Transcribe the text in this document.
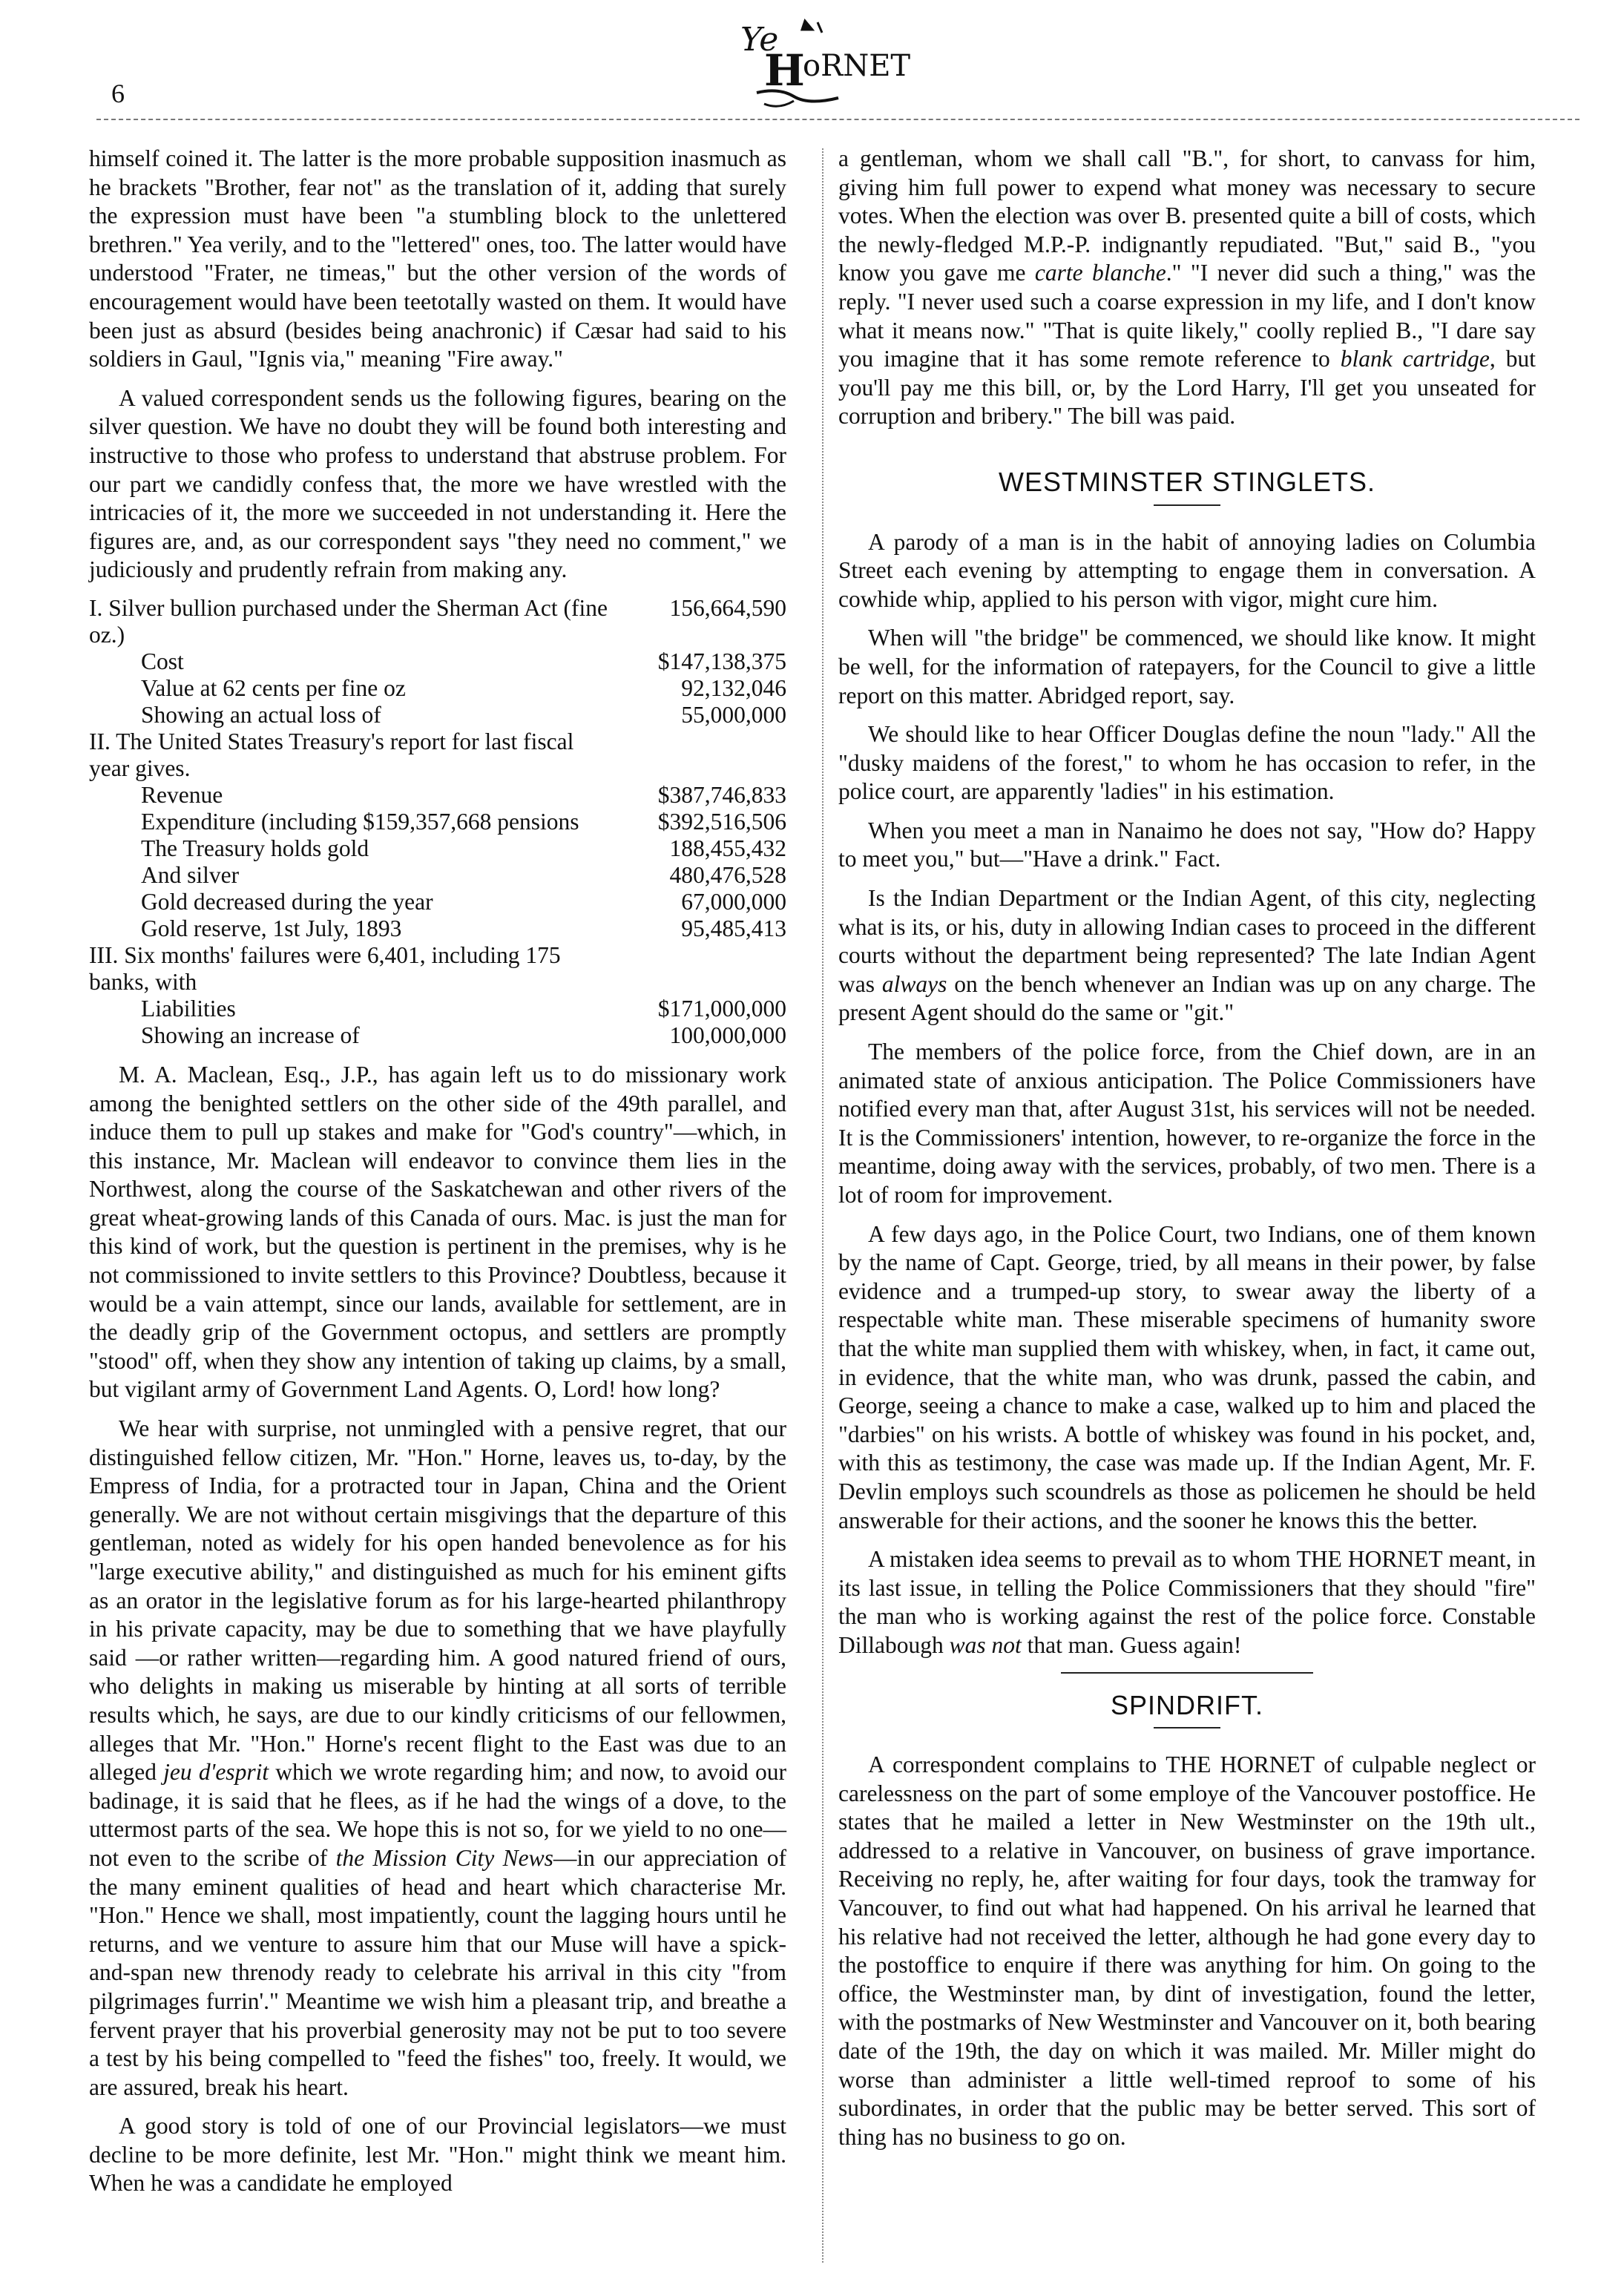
6
Ye
H
oRNET

himself coined it. The latter is the more probable supposition inasmuch as he brackets "Brother, fear not" as the translation of it, adding that surely the expression must have been "a stumbling block to the unlettered brethren." Yea verily, and to the "lettered" ones, too. The latter would have understood "Frater, ne timeas," but the other version of the words of encouragement would have been teetotally wasted on them. It would have been just as absurd (besides being anachronic) if Cæsar had said to his soldiers in Gaul, "Ignis via," meaning "Fire away."

A valued correspondent sends us the following figures, bearing on the silver question. We have no doubt they will be found both interesting and instructive to those who profess to understand that abstruse problem. For our part we candidly confess that, the more we have wrestled with the intricacies of it, the more we succeeded in not understanding it. Here the figures are, and, as our correspondent says "they need no comment," we judiciously and prudently refrain from making any.

I. Silver bullion purchased under the Sherman Act (fine oz.)	156,664,590
Cost	$147,138,375
Value at 62 cents per fine oz	92,132,046
Showing an actual loss of	55,000,000
II. The United States Treasury's report for last fiscal year gives.	
Revenue	$387,746,833
Expenditure (including $159,357,668 pensions	$392,516,506
The Treasury holds gold	188,455,432
And silver	480,476,528
Gold decreased during the year	67,000,000
Gold reserve, 1st July, 1893	95,485,413
III. Six months' failures were 6,401, including 175 banks, with	
Liabilities	$171,000,000
Showing an increase of	100,000,000

M. A. Maclean, Esq., J.P., has again left us to do missionary work among the benighted settlers on the other side of the 49th parallel, and induce them to pull up stakes and make for "God's country"—which, in this instance, Mr. Maclean will endeavor to convince them lies in the Northwest, along the course of the Saskatchewan and other rivers of the great wheat-growing lands of this Canada of ours. Mac. is just the man for this kind of work, but the question is pertinent in the premises, why is he not commissioned to invite settlers to this Province? Doubtless, because it would be a vain attempt, since our lands, available for settlement, are in the deadly grip of the Government octopus, and settlers are promptly "stood" off, when they show any intention of taking up claims, by a small, but vigilant army of Government Land Agents. O, Lord! how long?

We hear with surprise, not unmingled with a pensive regret, that our distinguished fellow citizen, Mr. "Hon." Horne, leaves us, to-day, by the Empress of India, for a protracted tour in Japan, China and the Orient generally. We are not without certain misgivings that the departure of this gentleman, noted as widely for his open handed benevolence as for his "large executive ability," and distinguished as much for his eminent gifts as an orator in the legislative forum as for his large-hearted philanthropy in his private capacity, may be due to something that we have playfully said —or rather written—regarding him. A good natured friend of ours, who delights in making us miserable by hinting at all sorts of terrible results which, he says, are due to our kindly criticisms of our fellowmen, alleges that Mr. "Hon." Horne's recent flight to the East was due to an alleged jeu d'esprit which we wrote regarding him; and now, to avoid our badinage, it is said that he flees, as if he had the wings of a dove, to the uttermost parts of the sea. We hope this is not so, for we yield to no one—not even to the scribe of the Mission City News—in our appreciation of the many eminent qualities of head and heart which characterise Mr. "Hon." Hence we shall, most impatiently, count the lagging hours until he returns, and we venture to assure him that our Muse will have a spick-and-span new threnody ready to celebrate his arrival in this city "from pilgrimages furrin'." Meantime we wish him a pleasant trip, and breathe a fervent prayer that his proverbial generosity may not be put to too severe a test by his being compelled to "feed the fishes" too, freely. It would, we are assured, break his heart.

A good story is told of one of our Provincial legislators—we must decline to be more definite, lest Mr. "Hon." might think we meant him. When he was a candidate he employed

a gentleman, whom we shall call "B.", for short, to canvass for him, giving him full power to expend what money was necessary to secure votes. When the election was over B. presented quite a bill of costs, which the newly-fledged M.P.-P. indignantly repudiated. "But," said B., "you know you gave me carte blanche." "I never did such a thing," was the reply. "I never used such a coarse expression in my life, and I don't know what it means now." "That is quite likely," coolly replied B., "I dare say you imagine that it has some remote reference to blank cartridge, but you'll pay me this bill, or, by the Lord Harry, I'll get you unseated for corruption and bribery." The bill was paid.

WESTMINSTER STINGLETS.

A parody of a man is in the habit of annoying ladies on Columbia Street each evening by attempting to engage them in conversation. A cowhide whip, applied to his person with vigor, might cure him.

When will "the bridge" be commenced, we should like know. It might be well, for the information of ratepayers, for the Council to give a little report on this matter. Abridged report, say.

We should like to hear Officer Douglas define the noun "lady." All the "dusky maidens of the forest," to whom he has occasion to refer, in the police court, are apparently 'ladies" in his estimation.

When you meet a man in Nanaimo he does not say, "How do? Happy to meet you," but—"Have a drink." Fact.

Is the Indian Department or the Indian Agent, of this city, neglecting what is its, or his, duty in allowing Indian cases to proceed in the different courts without the department being represented? The late Indian Agent was always on the bench whenever an Indian was up on any charge. The present Agent should do the same or "git."

The members of the police force, from the Chief down, are in an animated state of anxious anticipation. The Police Commissioners have notified every man that, after August 31st, his services will not be needed. It is the Commissioners' intention, however, to re-organize the force in the meantime, doing away with the services, probably, of two men. There is a lot of room for improvement.

A few days ago, in the Police Court, two Indians, one of them known by the name of Capt. George, tried, by all means in their power, by false evidence and a trumped-up story, to swear away the liberty of a respectable white man. These miserable specimens of humanity swore that the white man supplied them with whiskey, when, in fact, it came out, in evidence, that the white man, who was drunk, passed the cabin, and George, seeing a chance to make a case, walked up to him and placed the "darbies" on his wrists. A bottle of whiskey was found in his pocket, and, with this as testimony, the case was made up. If the Indian Agent, Mr. F. Devlin employs such scoundrels as those as policemen he should be held answerable for their actions, and the sooner he knows this the better.

A mistaken idea seems to prevail as to whom THE HORNET meant, in its last issue, in telling the Police Commissioners that they should "fire" the man who is working against the rest of the police force. Constable Dillabough was not that man. Guess again!

SPINDRIFT.

A correspondent complains to THE HORNET of culpable neglect or carelessness on the part of some employe of the Vancouver postoffice. He states that he mailed a letter in New Westminster on the 19th ult., addressed to a relative in Vancouver, on business of grave importance. Receiving no reply, he, after waiting for four days, took the tramway for Vancouver, to find out what had happened. On his arrival he learned that his relative had not received the letter, although he had gone every day to the postoffice to enquire if there was anything for him. On going to the office, the Westminster man, by dint of investigation, found the letter, with the postmarks of New Westminster and Vancouver on it, both bearing date of the 19th, the day on which it was mailed. Mr. Miller might do worse than administer a little well-timed reproof to some of his subordinates, in order that the public may be better served. This sort of thing has no business to go on.
